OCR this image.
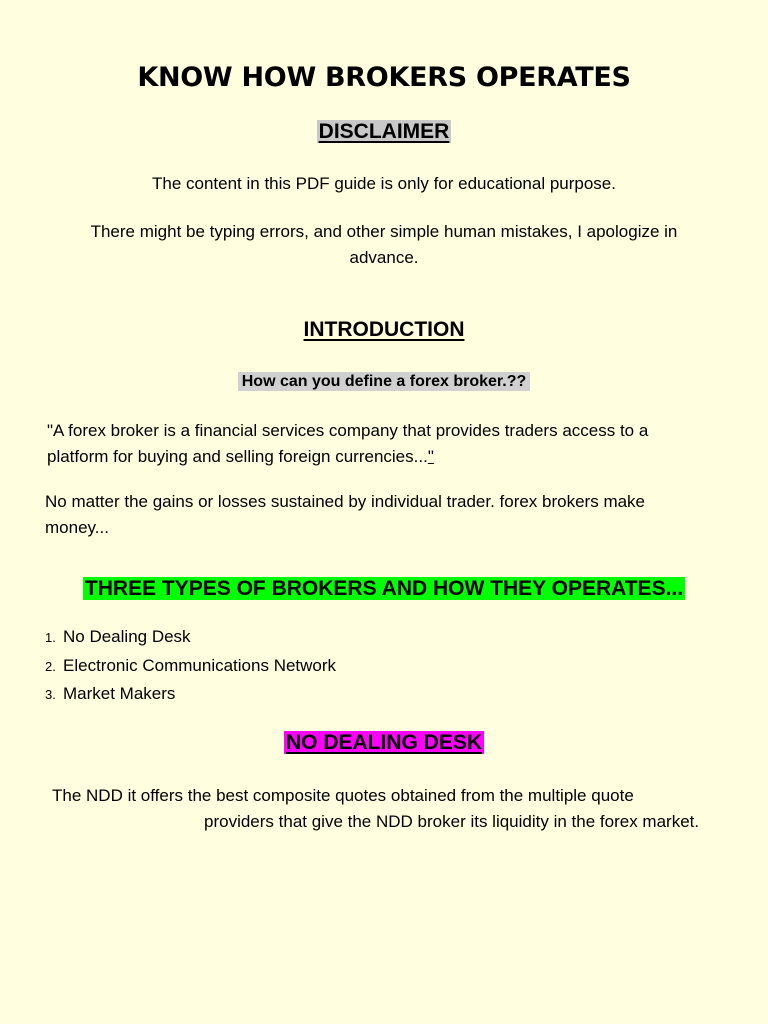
KNOW HOW BROKERS OPERATES
DISCLAIMER
The content in this PDF guide is only for educational purpose.
There might be typing errors, and other simple human mistakes, I apologize in
advance.
INTRODUCTION
How can you define a forex broker.??
"A forex broker is a financial services company that provides traders access to a
platform for buying and selling foreign currencies..."
No matter the gains or losses sustained by individual trader. forex brokers make
money...
THREE TYPES OF BROKERS AND HOW THEY OPERATES...
1. No Dealing Desk
2. Electronic Communications Network
3. Market Makers
NO DEALING DESK
The NDD it offers the best composite quotes obtained from the multiple quote
providers that give the NDD broker its liquidity in the forex market.
